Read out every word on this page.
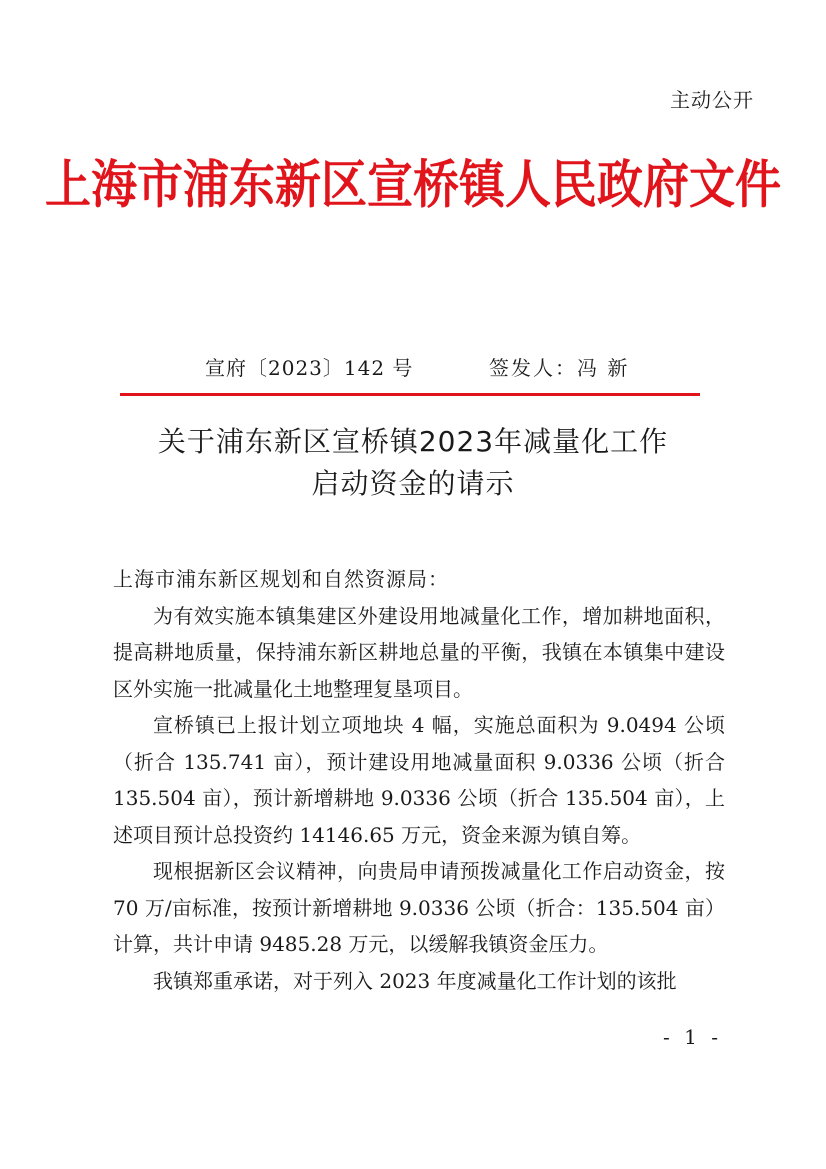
主动公开
上海市浦东新区宣桥镇人民政府文件
宣府〔2023〕142 号	签发人：冯 新
关于浦东新区宣桥镇2023年减量化工作
启动资金的请示

上海市浦东新区规划和自然资源局：

为有效实施本镇集建区外建设用地减量化工作，增加耕地面积，提高耕地质量，保持浦东新区耕地总量的平衡，我镇在本镇集中建设区外实施一批减量化土地整理复垦项目。

宣桥镇已上报计划立项地块 4 幅，实施总面积为 9.0494 公顷（折合 135.741 亩），预计建设用地减量面积 9.0336 公顷（折合 135.504 亩），预计新增耕地 9.0336 公顷（折合 135.504 亩），上述项目预计总投资约 14146.65 万元，资金来源为镇自筹。

现根据新区会议精神，向贵局申请预拨减量化工作启动资金，按 70 万/亩标准，按预计新增耕地 9.0336 公顷（折合：135.504 亩）计算，共计申请 9485.28 万元，以缓解我镇资金压力。

我镇郑重承诺，对于列入 2023 年度减量化工作计划的该批

- 1 -
